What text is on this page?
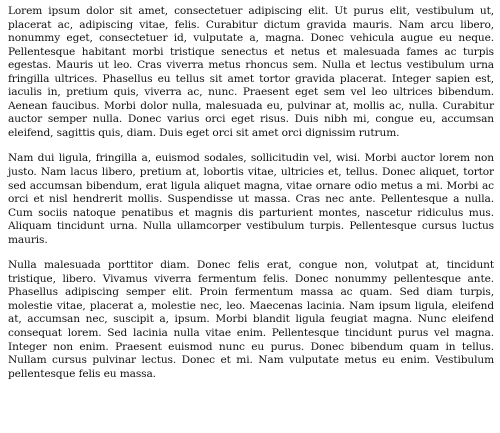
Lorem ipsum dolor sit amet, consectetuer adipiscing elit. Ut purus elit, vestibulum ut, placerat ac, adipiscing vitae, felis. Curabitur dictum gravida mauris. Nam arcu libero, nonummy eget, consectetuer id, vulputate a, magna. Donec vehicula augue eu neque. Pellentesque habitant morbi tristique senectus et netus et malesuada fames ac turpis egestas. Mauris ut leo. Cras viverra metus rhoncus sem. Nulla et lectus vestibulum urna fringilla ultrices. Phasellus eu tellus sit amet tortor gravida placerat. Integer sapien est, iaculis in, pretium quis, viverra ac, nunc. Praesent eget sem vel leo ultrices bibendum. Aenean faucibus. Morbi dolor nulla, malesuada eu, pulvinar at, mollis ac, nulla. Curabitur auctor semper nulla. Donec varius orci eget risus. Duis nibh mi, congue eu, accumsan eleifend, sagittis quis, diam. Duis eget orci sit amet orci dignissim rutrum.

Nam dui ligula, fringilla a, euismod sodales, sollicitudin vel, wisi. Morbi auctor lorem non justo. Nam lacus libero, pretium at, lobortis vitae, ultricies et, tellus. Donec aliquet, tortor sed accumsan bibendum, erat ligula aliquet magna, vitae ornare odio metus a mi. Morbi ac orci et nisl hendrerit mollis. Suspendisse ut massa. Cras nec ante. Pellentesque a nulla. Cum sociis natoque penatibus et magnis dis parturient montes, nascetur ridiculus mus. Aliquam tincidunt urna. Nulla ullamcorper vestibulum turpis. Pellentesque cursus luctus mauris.

Nulla malesuada porttitor diam. Donec felis erat, congue non, volutpat at, tincidunt tristique, libero. Vivamus viverra fermentum felis. Donec nonummy pellentesque ante. Phasellus adipiscing semper elit. Proin fermentum massa ac quam. Sed diam turpis, molestie vitae, placerat a, molestie nec, leo. Maecenas lacinia. Nam ipsum ligula, eleifend at, accumsan nec, suscipit a, ipsum. Morbi blandit ligula feugiat magna. Nunc eleifend consequat lorem. Sed lacinia nulla vitae enim. Pellentesque tincidunt purus vel magna. Integer non enim. Praesent euismod nunc eu purus. Donec bibendum quam in tellus. Nullam cursus pulvinar lectus. Donec et mi. Nam vulputate metus eu enim. Vestibulum pellentesque felis eu massa.
